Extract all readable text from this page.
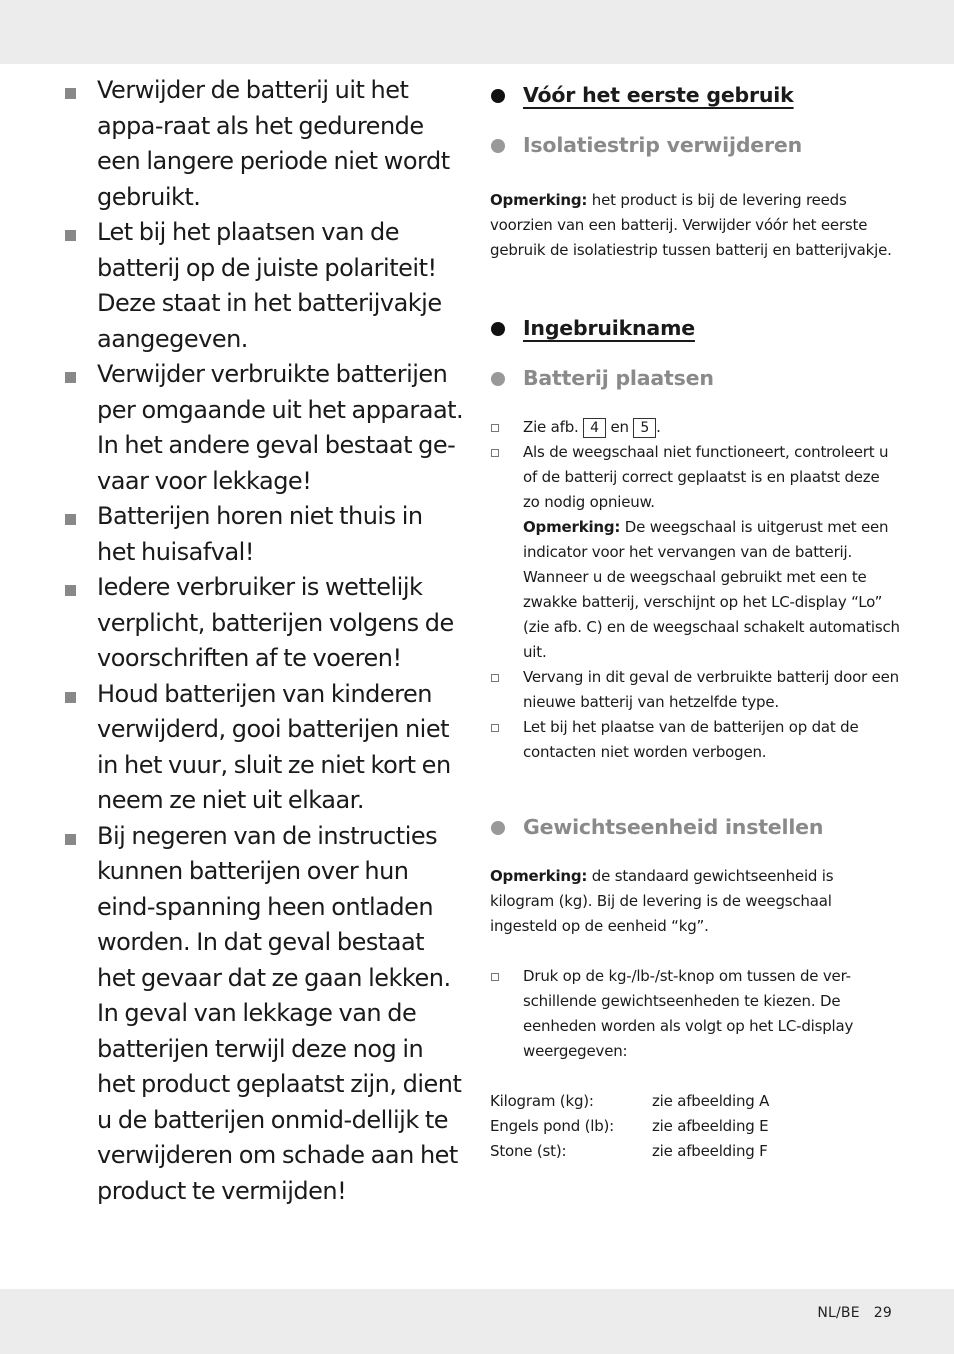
Verwijder de batterij uit het appa-raat als het gedurende een langere periode niet wordt gebruikt.
Let bij het plaatsen van de batterij op de juiste polariteit! Deze staat in het batterijvakje aangegeven.
Verwijder verbruikte batterijen per omgaande uit het apparaat. In het andere geval bestaat ge-vaar voor lekkage!
Batterijen horen niet thuis in het huisafval!
Iedere verbruiker is wettelijk verplicht, batterijen volgens de voorschriften af te voeren!
Houd batterijen van kinderen verwijderd, gooi batterijen niet in het vuur, sluit ze niet kort en neem ze niet uit elkaar.
Bij negeren van de instructies kunnen batterijen over hun eind-spanning heen ontladen worden. In dat geval bestaat het gevaar dat ze gaan lekken. In geval van lekkage van de batterijen terwijl deze nog in het product geplaatst zijn, dient u de batterijen onmid-dellijk te verwijderen om schade aan het product te vermijden!
Vóór het eerste gebruik
Isolatiestrip verwijderen

Opmerking: het product is bij de levering reeds voorzien van een batterij. Verwijder vóór het eerste gebruik de isolatiestrip tussen batterij en batterijvakje.

Ingebruikname
Batterij plaatsen
Zie afb. 4 en 5 .
Als de weegschaal niet functioneert, controleert u of de batterij correct geplaatst is en plaatst deze zo nodig opnieuw.
Opmerking: De weegschaal is uitgerust met een indicator voor het vervangen van de batterij. Wanneer u de weegschaal gebruikt met een te zwakke batterij, verschijnt op het LC-display “Lo” (zie afb. C) en de weegschaal schakelt automatisch uit.
Vervang in dit geval de verbruikte batterij door een nieuwe batterij van hetzelfde type.
Let bij het plaatse van de batterijen op dat de contacten niet worden verbogen.
Gewichtseenheid instellen

Opmerking: de standaard gewichtseenheid is kilogram (kg). Bij de levering is de weegschaal ingesteld op de eenheid “kg”.

Druk op de kg-/lb-/st-knop om tussen de ver-schillende gewichtseenheden te kiezen. De eenheden worden als volgt op het LC-display weergegeven:
Kilogram (kg):	zie afbeelding A
Engels pond (lb):	zie afbeelding E
Stone (st):	zie afbeelding F
NL/BE 29
